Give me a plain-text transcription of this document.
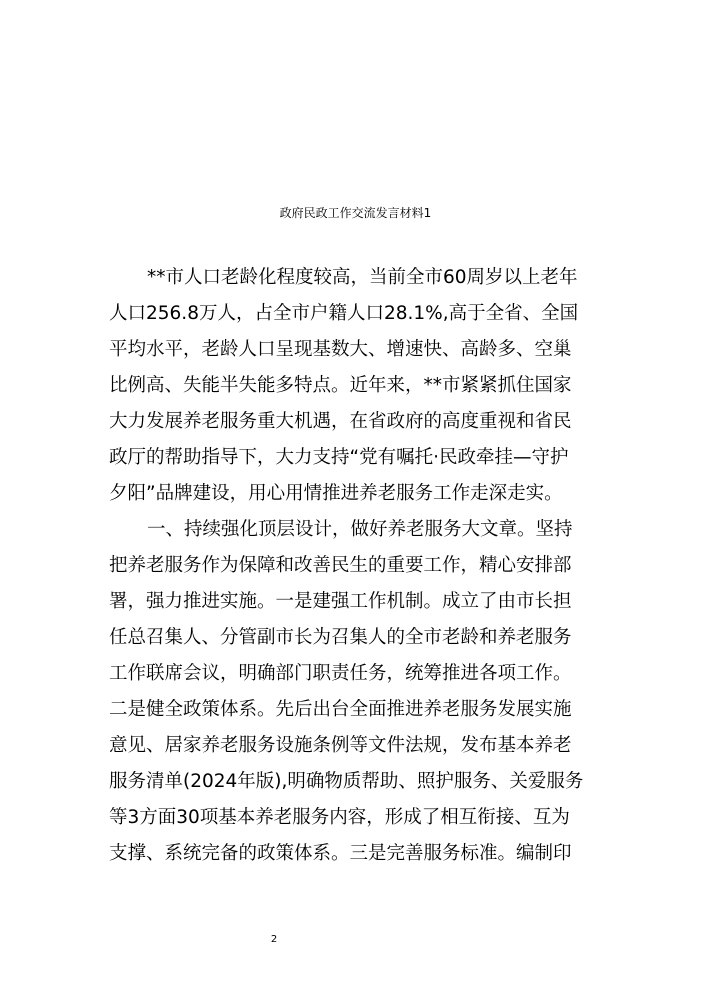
政府民政工作交流发言材料1
**市人口老龄化程度较高，当前全市60周岁以上老年
人口256.8万人，占全市户籍人口28.1%,高于全省、全国
平均水平，老龄人口呈现基数大、增速快、高龄多、空巢
比例高、失能半失能多特点。近年来，**市紧紧抓住国家
大力发展养老服务重大机遇，在省政府的高度重视和省民
政厅的帮助指导下，大力支持“党有嘱托·民政牵挂—守护
夕阳”品牌建设，用心用情推进养老服务工作走深走实。
一、持续强化顶层设计，做好养老服务大文章。坚持
把养老服务作为保障和改善民生的重要工作，精心安排部
署，强力推进实施。一是建强工作机制。成立了由市长担
任总召集人、分管副市长为召集人的全市老龄和养老服务
工作联席会议，明确部门职责任务，统筹推进各项工作。
二是健全政策体系。先后出台全面推进养老服务发展实施
意见、居家养老服务设施条例等文件法规，发布基本养老
服务清单(2024年版),明确物质帮助、照护服务、关爱服务
等3方面30项基本养老服务内容，形成了相互衔接、互为
支撑、系统完备的政策体系。三是完善服务标准。编制印
2
